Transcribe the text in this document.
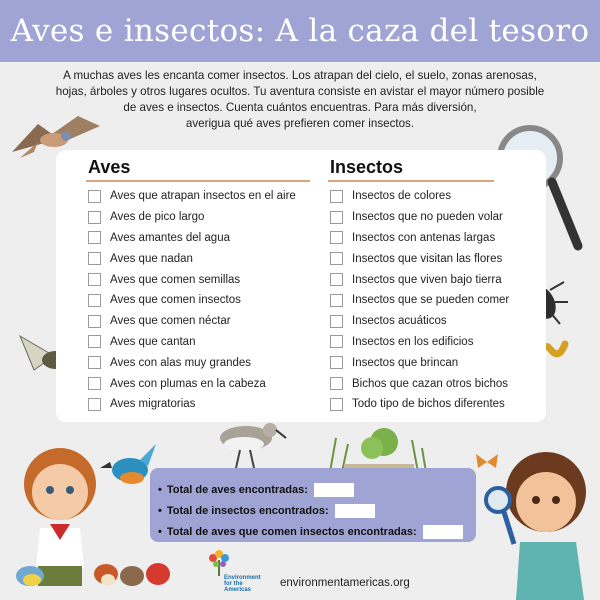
Aves e insectos: A la caza del tesoro

A muchas aves les encanta comer insectos. Los atrapan del cielo, el suelo, zonas arenosas,
hojas, árboles y otros lugares ocultos. Tu aventura consiste en avistar el mayor número posible
de aves e insectos. Cuenta cuántos encuentras. Para más diversión,
averigua qué aves prefieren comer insectos.

Aves
Aves que atrapan insectos en el aire
Aves de pico largo
Aves amantes del agua
Aves que nadan
Aves que comen semillas
Aves que comen insectos
Aves que comen néctar
Aves que cantan
Aves con alas muy grandes
Aves con plumas en la cabeza
Aves migratorias
Insectos
Insectos de colores
Insectos que no pueden volar
Insectos con antenas largas
Insectos que visitan las flores
Insectos que viven bajo tierra
Insectos que se pueden comer
Insectos acuáticos
Insectos en los edificios
Insectos que brincan
Bichos que cazan otros bichos
Todo tipo de bichos diferentes
• Total de aves encontradas:
• Total de insectos encontrados:
• Total de aves que comen insectos encontradas:
Environment
for the Americas
environmentamericas.org
